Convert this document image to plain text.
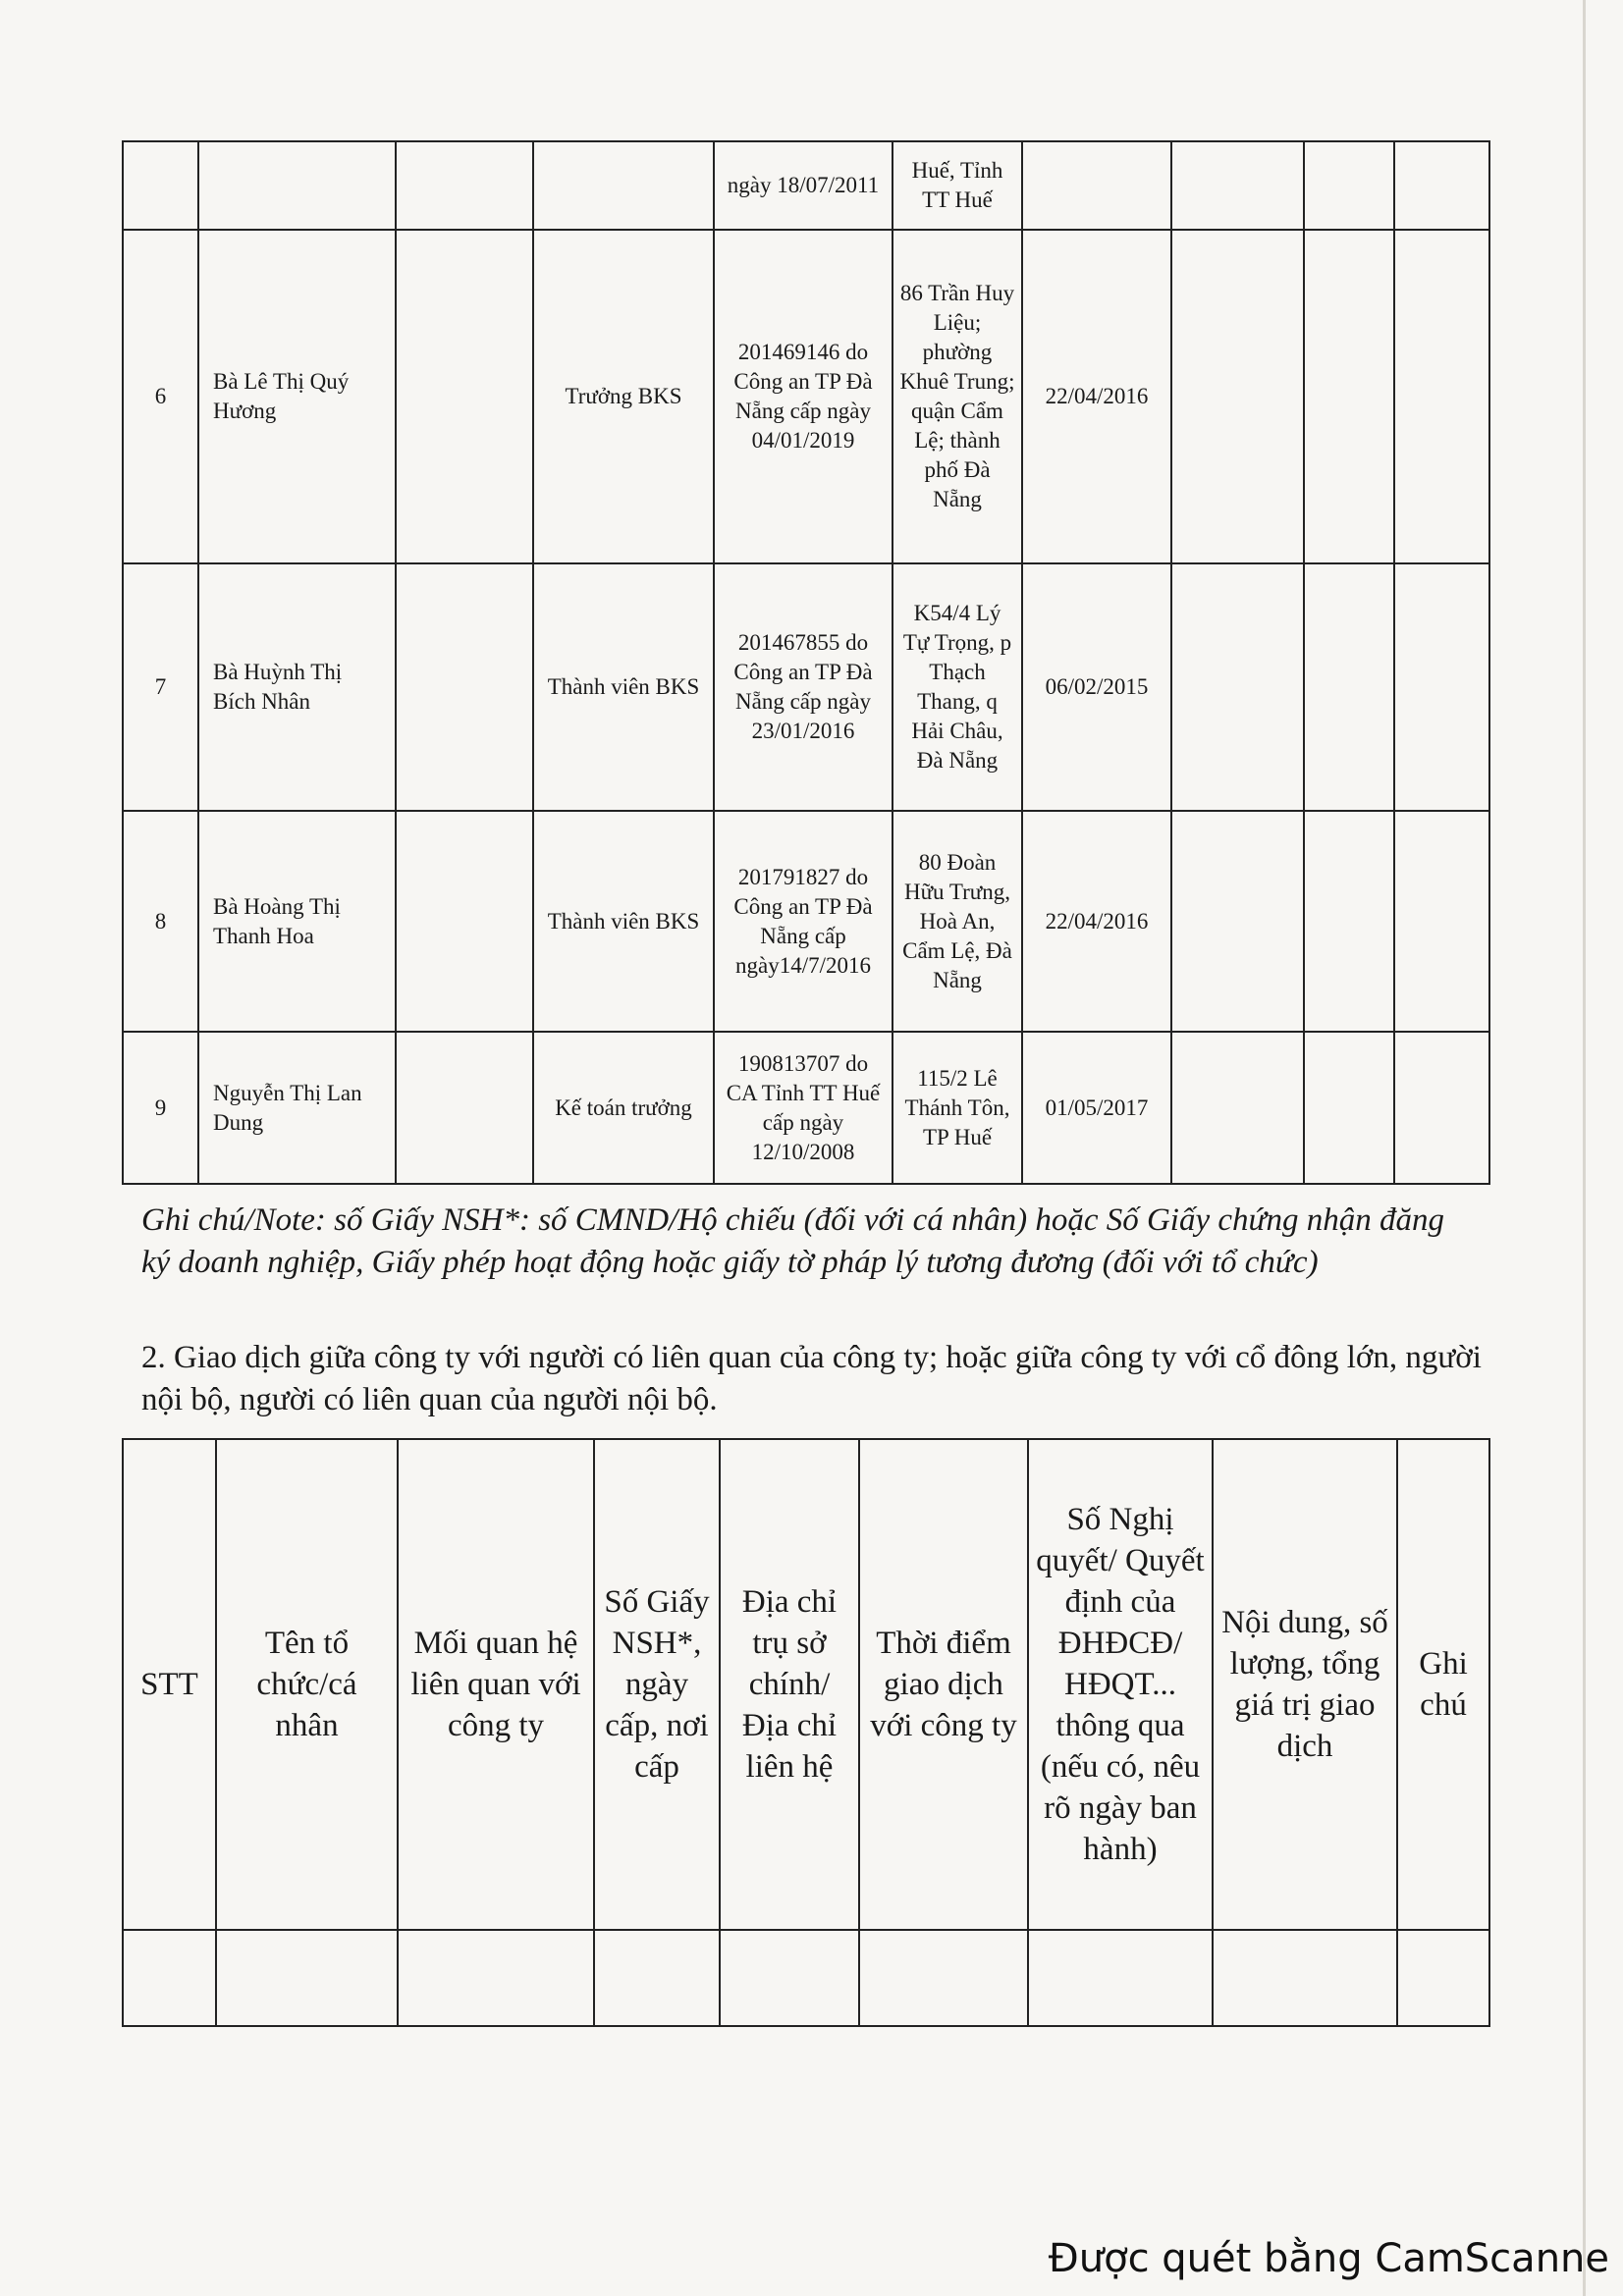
				ngày 18/07/2011	Huế, Tỉnh TT Huế				
6	Bà Lê Thị Quý Hương		Trưởng BKS	201469146 do Công an TP Đà Nẵng cấp ngày 04/01/2019	86 Trần Huy Liệu; phường Khuê Trung; quận Cẩm Lệ; thành phố Đà Nẵng	22/04/2016			
7	Bà Huỳnh Thị Bích Nhân		Thành viên BKS	201467855 do Công an TP Đà Nẵng cấp ngày 23/01/2016	K54/4 Lý Tự Trọng, p Thạch Thang, q Hải Châu, Đà Nẵng	06/02/2015			
8	Bà Hoàng Thị Thanh Hoa		Thành viên BKS	201791827 do Công an TP Đà Nẵng cấp ngày14/7/2016	80 Đoàn Hữu Trưng, Hoà An, Cẩm Lệ, Đà Nẵng	22/04/2016			
9	Nguyễn Thị Lan Dung		Kế toán trưởng	190813707 do CA Tỉnh TT Huế cấp ngày 12/10/2008	115/2 Lê Thánh Tôn, TP Huế	01/05/2017			
Ghi chú/Note: số Giấy NSH*: số CMND/Hộ chiếu (đối với cá nhân) hoặc Số Giấy chứng nhận đăng ký doanh nghiệp, Giấy phép hoạt động hoặc giấy tờ pháp lý tương đương (đối với tổ chức)
2. Giao dịch giữa công ty với người có liên quan của công ty; hoặc giữa công ty với cổ đông lớn, người nội bộ, người có liên quan của người nội bộ.
STT	Tên tổ chức/cá nhân	Mối quan hệ liên quan với công ty	Số Giấy NSH*, ngày cấp, nơi cấp	Địa chỉ trụ sở chính/ Địa chỉ liên hệ	Thời điểm giao dịch với công ty	Số Nghị quyết/ Quyết định của ĐHĐCĐ/ HĐQT... thông qua (nếu có, nêu rõ ngày ban hành)	Nội dung, số lượng, tổng giá trị giao dịch	Ghi chú

Được quét bằng CamScanne
